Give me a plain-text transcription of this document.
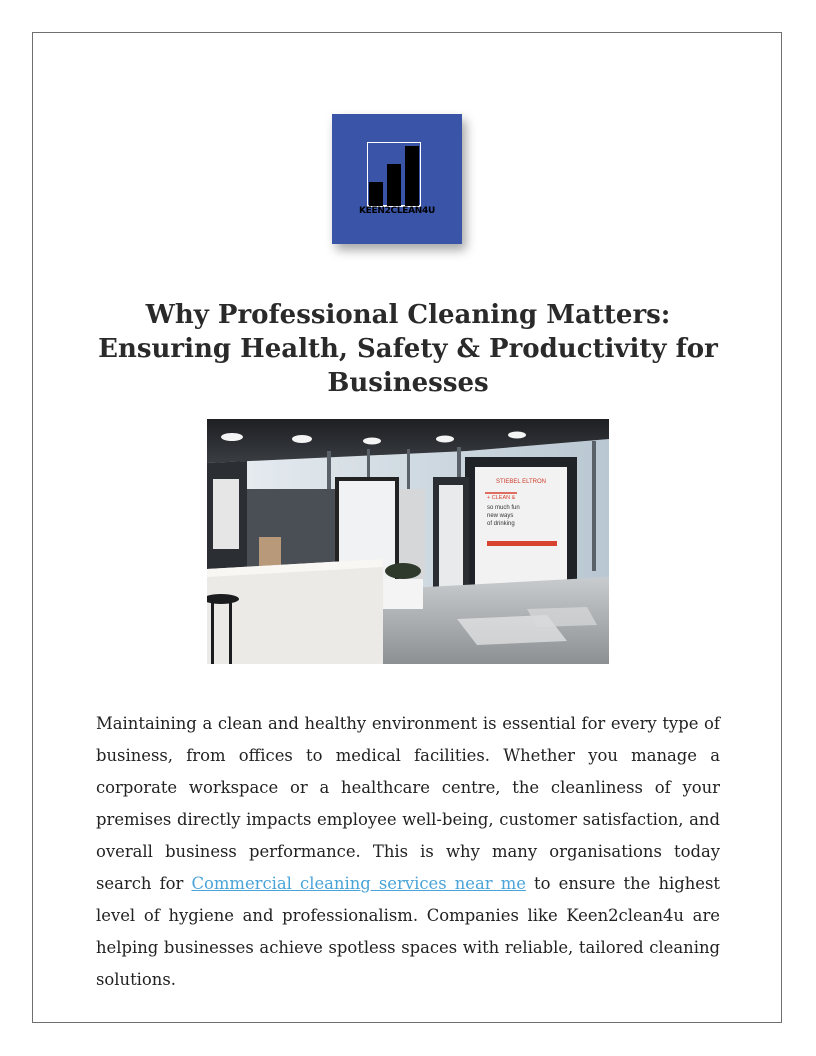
KEEN2CLEAN4U
Why Professional Cleaning Matters: Ensuring Health, Safety & Productivity for Businesses
STIEBEL ELTRON
+ CLEAN &
so much fun
new ways
of drinking

Maintaining a clean and healthy environment is essential for every type of business, from offices to medical facilities. Whether you manage a corporate workspace or a healthcare centre, the cleanliness of your premises directly impacts employee well-being, customer satisfaction, and overall business performance. This is why many organisations today search for Commercial cleaning services near me to ensure the highest level of hygiene and professionalism. Companies like Keen2clean4u are helping businesses achieve spotless spaces with reliable, tailored cleaning solutions.
